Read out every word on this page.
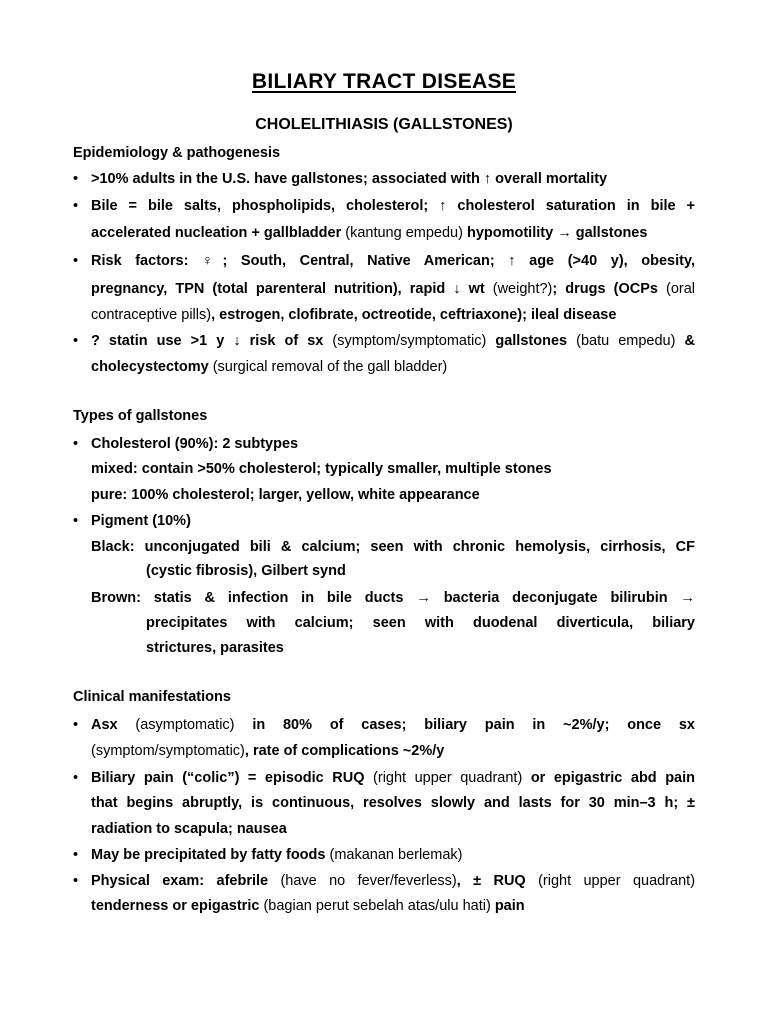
BILIARY TRACT DISEASE
CHOLELITHIASIS (GALLSTONES)
Epidemiology & pathogenesis
• >10% adults in the U.S. have gallstones; associated with ↑ overall mortality
• Bile = bile salts, phospholipids, cholesterol; ↑ cholesterol saturation in bile +
accelerated nucleation + gallbladder (kantung empedu) hypomotility → gallstones
• Risk factors: ♀; South, Central, Native American; ↑ age (>40 y), obesity,
pregnancy, TPN (total parenteral nutrition), rapid ↓ wt (weight?); drugs (OCPs (oral
contraceptive pills), estrogen, clofibrate, octreotide, ceftriaxone); ileal disease
• ? statin use >1 y ↓ risk of sx (symptom/symptomatic) gallstones (batu empedu) &
cholecystectomy (surgical removal of the gall bladder)
Types of gallstones
• Cholesterol (90%): 2 subtypes
mixed: contain >50% cholesterol; typically smaller, multiple stones
pure: 100% cholesterol; larger, yellow, white appearance
• Pigment (10%)
Black: unconjugated bili & calcium; seen with chronic hemolysis, cirrhosis, CF
(cystic fibrosis), Gilbert synd
Brown: statis & infection in bile ducts → bacteria deconjugate bilirubin →
precipitates with calcium; seen with duodenal diverticula, biliary
strictures, parasites
Clinical manifestations
• Asx (asymptomatic) in 80% of cases; biliary pain in ~2%/y; once sx
(symptom/symptomatic), rate of complications ~2%/y
• Biliary pain (“colic”) = episodic RUQ (right upper quadrant) or epigastric abd pain
that begins abruptly, is continuous, resolves slowly and lasts for 30 min–3 h; ±
radiation to scapula; nausea
• May be precipitated by fatty foods (makanan berlemak)
• Physical exam: afebrile (have no fever/feverless), ± RUQ (right upper quadrant)
tenderness or epigastric (bagian perut sebelah atas/ulu hati) pain
